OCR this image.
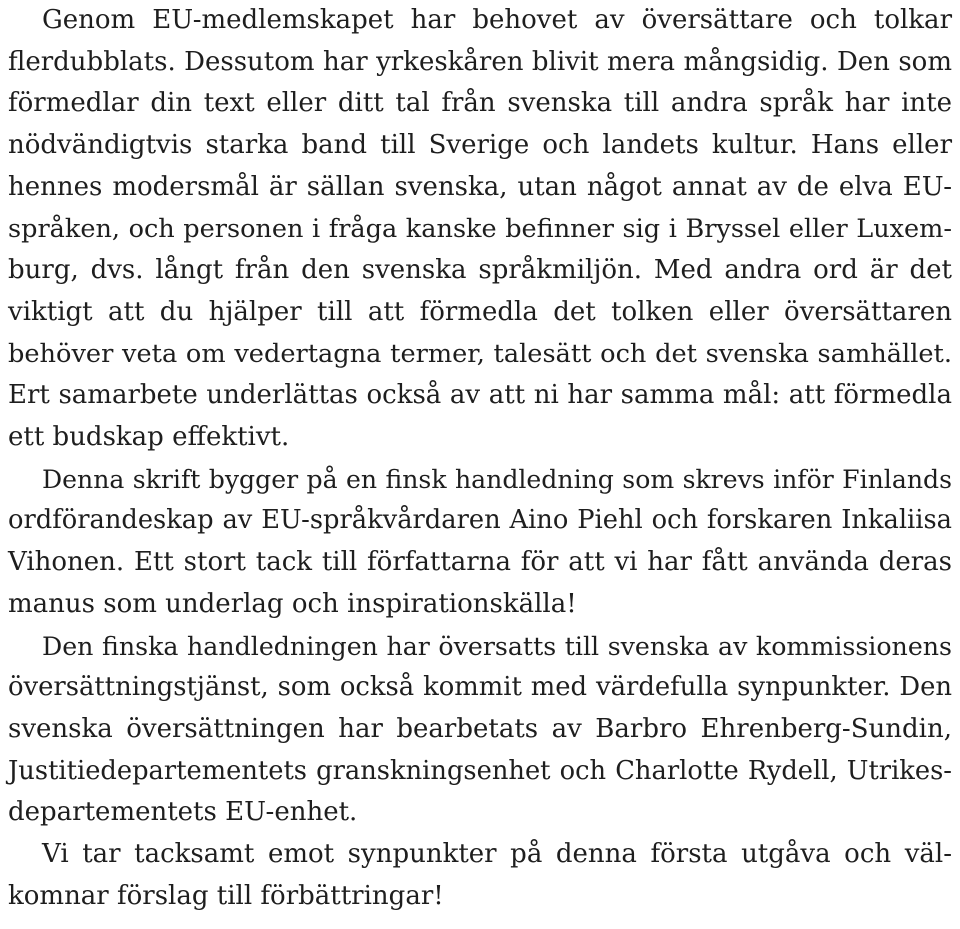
Genom EU-medlemskapet har behovet av översättare och tolkar
flerdubblats. Dessutom har yrkeskåren blivit mera mångsidig. Den som
förmedlar din text eller ditt tal från svenska till andra språk har inte
nödvändigtvis starka band till Sverige och landets kultur. Hans eller
hennes modersmål är sällan svenska, utan något annat av de elva EU-
språken, och personen i fråga kanske befinner sig i Bryssel eller Luxem-
burg, dvs. långt från den svenska språkmiljön. Med andra ord är det
viktigt att du hjälper till att förmedla det tolken eller översättaren
behöver veta om vedertagna termer, talesätt och det svenska samhället.
Ert samarbete underlättas också av att ni har samma mål: att förmedla
ett budskap effektivt.

Denna skrift bygger på en finsk handledning som skrevs inför Finlands
ordförandeskap av EU-språkvårdaren Aino Piehl och forskaren Inkaliisa
Vihonen. Ett stort tack till författarna för att vi har fått använda deras
manus som underlag och inspirationskälla!

Den finska handledningen har översatts till svenska av kommissionens
översättningstjänst, som också kommit med värdefulla synpunkter. Den
svenska översättningen har bearbetats av Barbro Ehrenberg-Sundin,
Justitiedepartementets granskningsenhet och Charlotte Rydell, Utrikes-
departementets EU-enhet.

Vi tar tacksamt emot synpunkter på denna första utgåva och väl-
komnar förslag till förbättringar!
